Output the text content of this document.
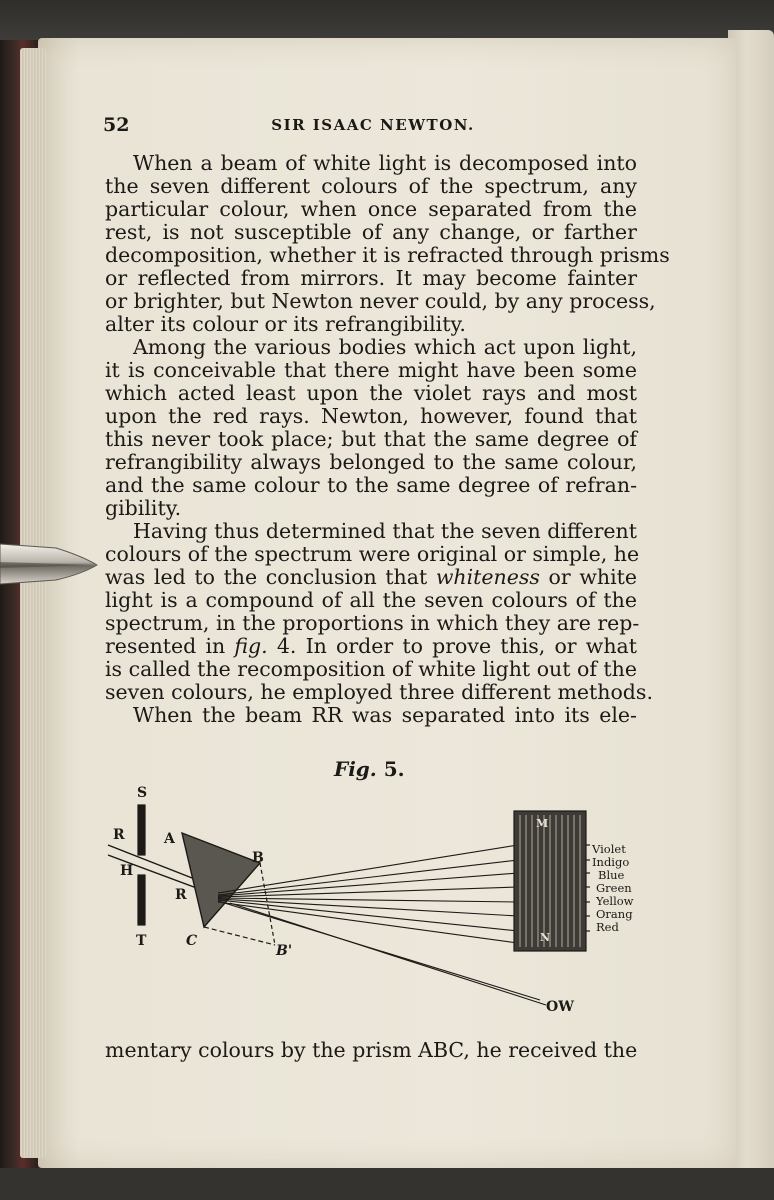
52	SIR ISAAC NEWTON.
When a beam of white light is decomposed into
the seven different colours of the spectrum, any
particular colour, when once separated from the
rest, is not susceptible of any change, or farther
decomposition, whether it is refracted through prisms
or reflected from mirrors. It may become fainter
or brighter, but Newton never could, by any process,
alter its colour or its refrangibility.
Among the various bodies which act upon light,
it is conceivable that there might have been some
which acted least upon the violet rays and most
upon the red rays. Newton, however, found that
this never took place; but that the same degree of
refrangibility always belonged to the same colour,
and the same colour to the same degree of refran-
gibility.
Having thus determined that the seven different
colours of the spectrum were original or simple, he
was led to the conclusion that whiteness or white
light is a compound of all the seven colours of the
spectrum, in the proportions in which they are rep-
resented in fig. 4. In order to prove this, or what
is called the recomposition of white light out of the
seven colours, he employed three different methods.
When the beam RR was separated into its ele-
Fig. 5.
S
R	A
H
R
B
T	C
B'
OW
M
N
Violet
Indigo
Blue
Green
Yellow
Orang
Red
mentary colours by the prism ABC, he received the
